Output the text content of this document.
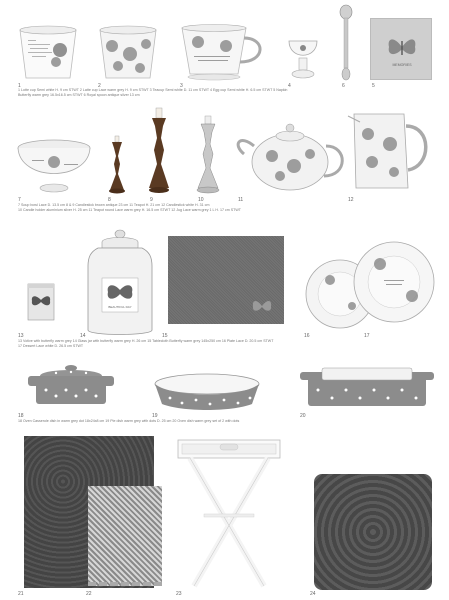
1	2	3	4	6
MEMORIES
5
1 Lotte cup Semi white H. 9 cm STWT 2 Latte cup Lace warm grey H. 9 cm STWT 3 Teacup Semi white D. 11 cm STWT 4 Egg cup Semi white H. 6.5 cm STWT 5 Napkin
Butterfly warm grey 16.5x16.5 cm STWT 6 Royal spoon antique silver 13 cm
7	8	9	10	11	12
7 Soup bowl Lace D. 13.5 cm 8 & 9 Candlestick brown antique 23 cm 11 Teapot H. 21 cm 12 Candlestick white H. 31 cm
10 Candle holder aluminium silver H. 25 cm 11 Teapot round Lace warm grey H. 16.5 cm STWT 12 Jug Lace warm grey 1 L H. 17 cm STWT
13	14
BEAUTIFUL DAY
15	16	17
13 Votive with butterfly warm grey 14 Glass jar with butterfly warm grey H. 26 cm 15 Tablecloth Butterfly warm grey 145x250 cm 16 Plate Lace D. 20.5 cm STWT
17 Dessert Lace white D. 26.5 cm STWT
18	19	20
18 Oven Casserole dish in warm grey dot 18x24x8 cm 19 Pie dish warm grey with dots D. 25 cm 20 Oven dish warm grey set of 2 with dots
21	22	23	24
